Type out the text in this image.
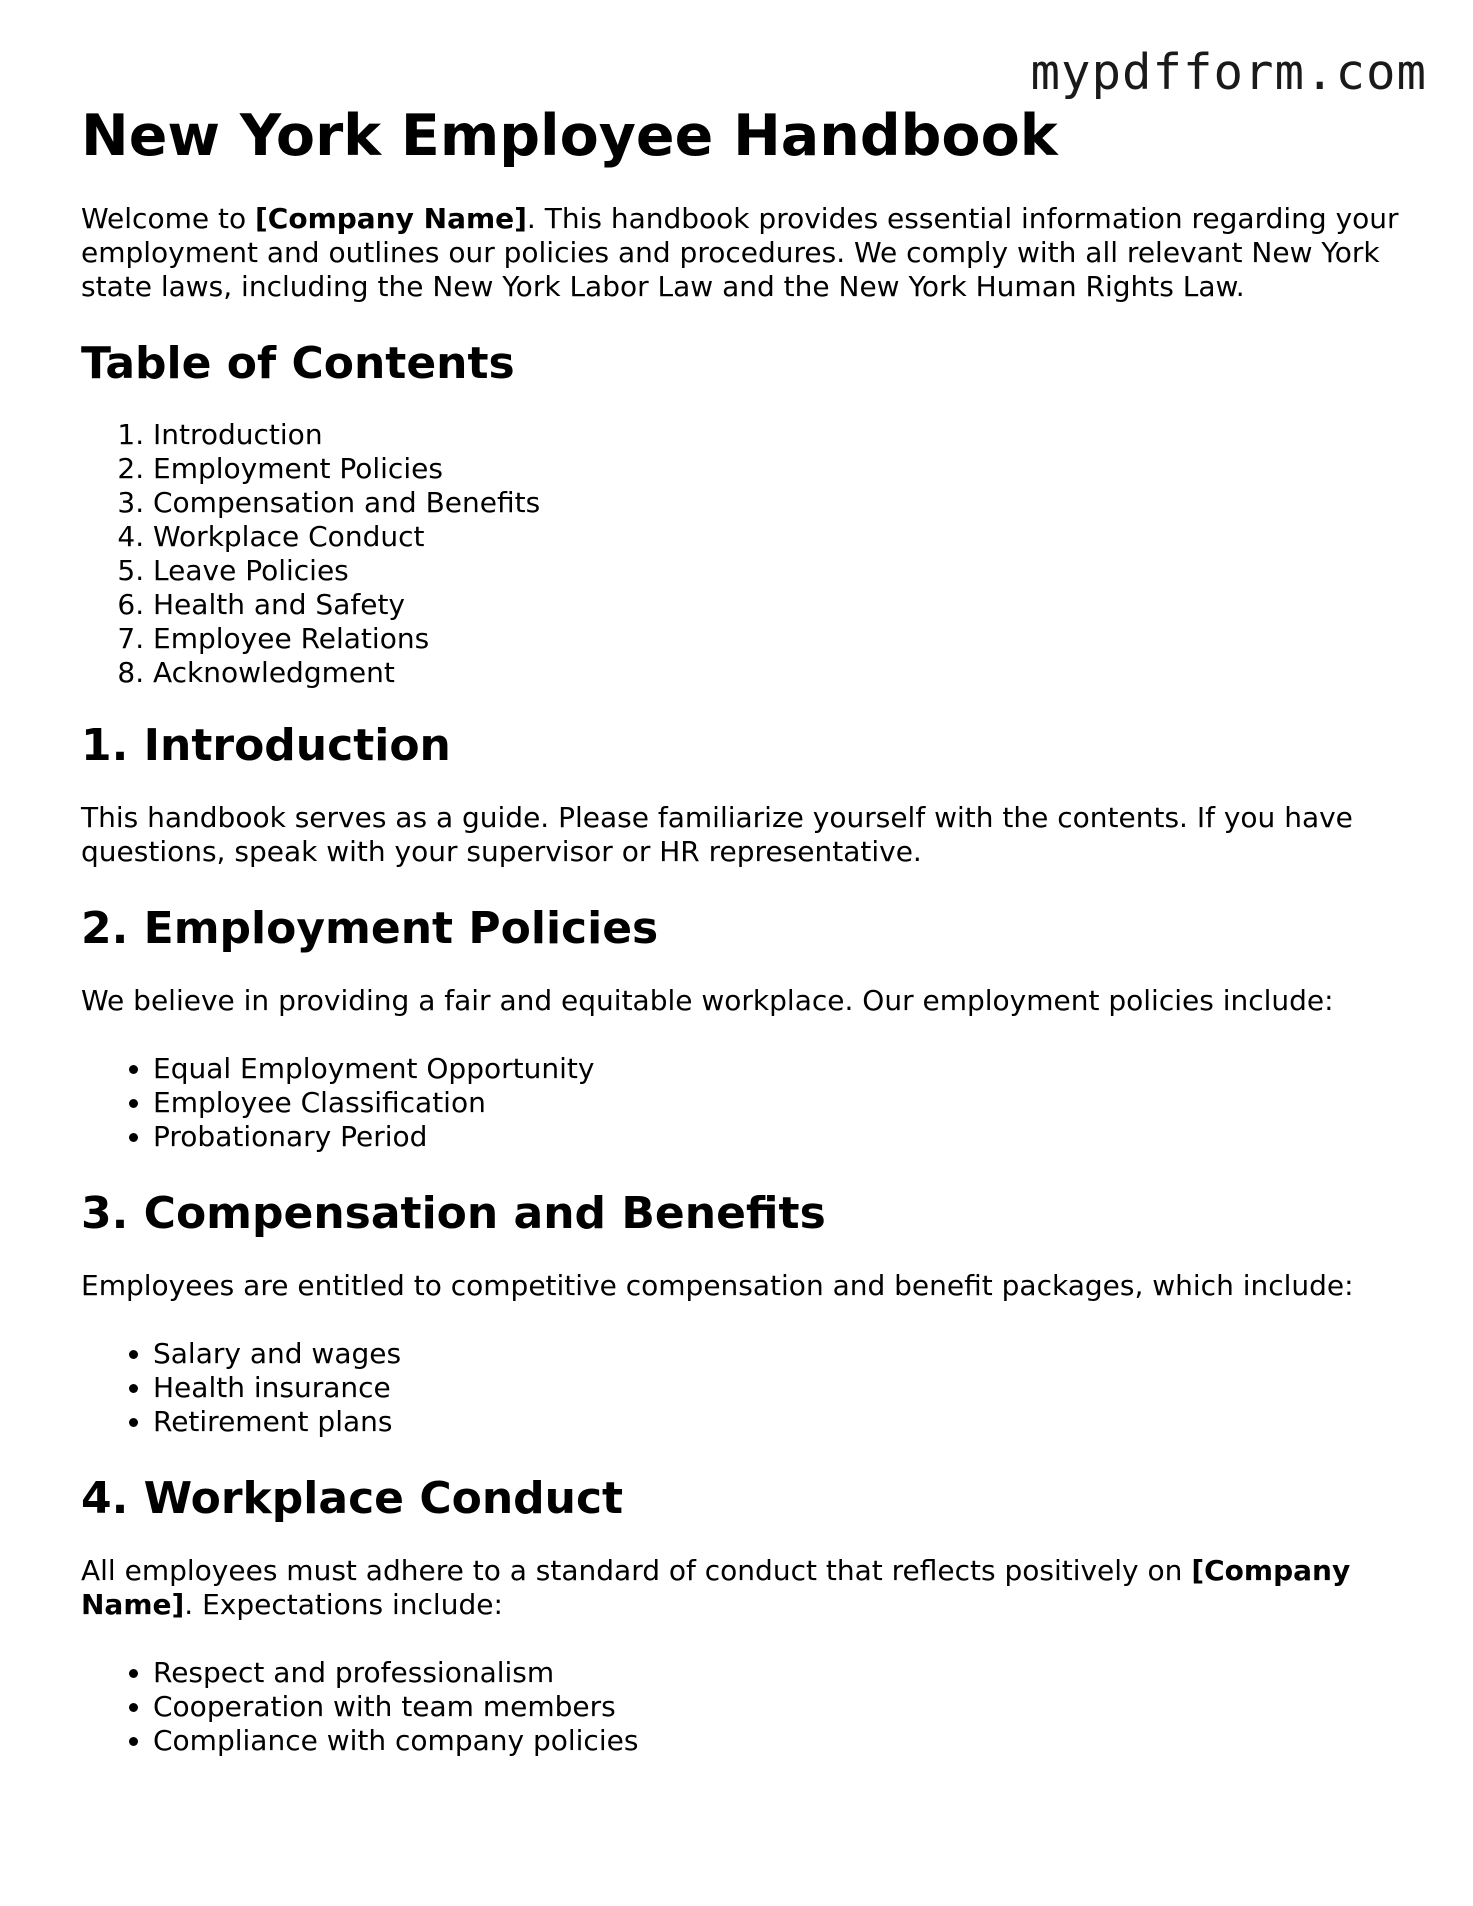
mypdfform.com
New York Employee Handbook

Welcome to [Company Name]. This handbook provides essential information regarding your employment and outlines our policies and procedures. We comply with all relevant New York state laws, including the New York Labor Law and the New York Human Rights Law.

Table of Contents
1. Introduction
2. Employment Policies
3. Compensation and Benefits
4. Workplace Conduct
5. Leave Policies
6. Health and Safety
7. Employee Relations
8. Acknowledgment
1. Introduction

This handbook serves as a guide. Please familiarize yourself with the contents. If you have questions, speak with your supervisor or HR representative.

2. Employment Policies

We believe in providing a fair and equitable workplace. Our employment policies include:

• Equal Employment Opportunity
• Employee Classification
• Probationary Period
3. Compensation and Benefits

Employees are entitled to competitive compensation and benefit packages, which include:

• Salary and wages
• Health insurance
• Retirement plans
4. Workplace Conduct

All employees must adhere to a standard of conduct that reflects positively on [Company Name]. Expectations include:

• Respect and professionalism
• Cooperation with team members
• Compliance with company policies
